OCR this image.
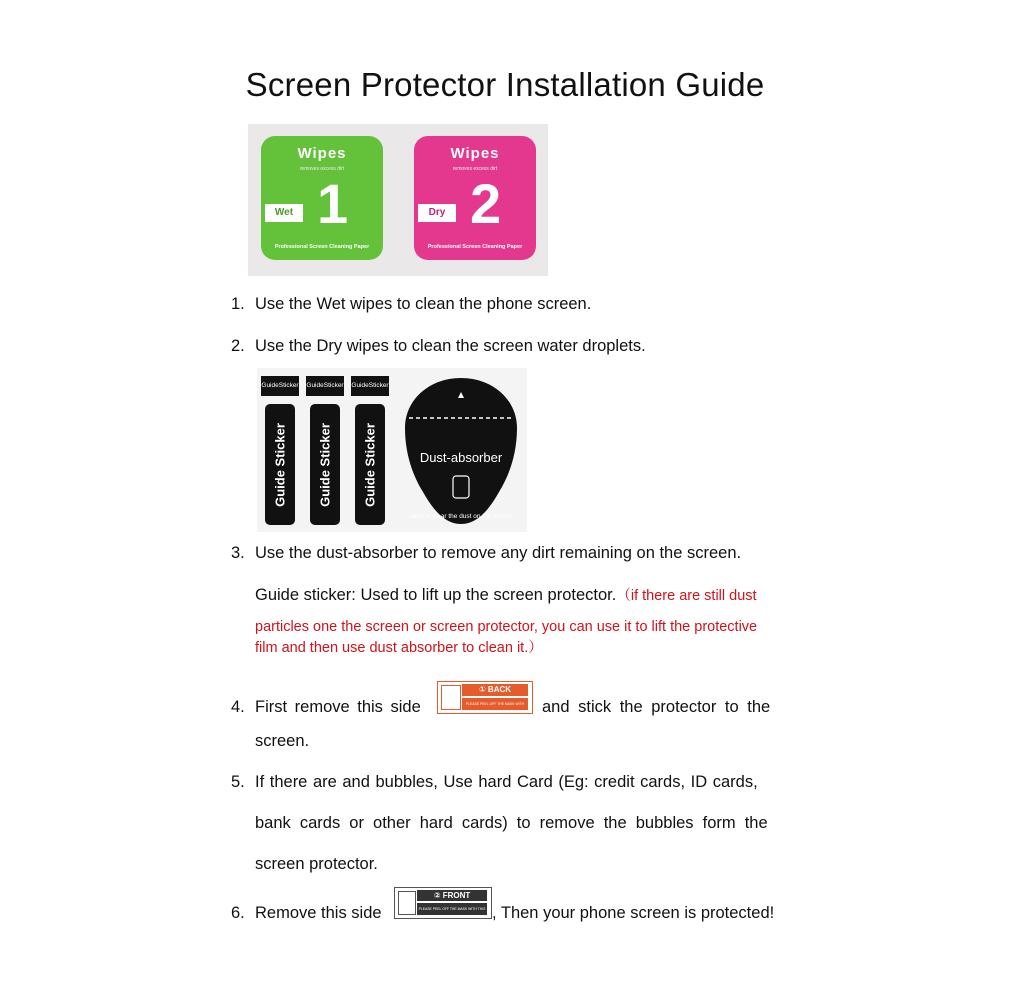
Screen Protector Installation Guide
Wipes
removes excess dirt
Wet 1
Professional Screen Cleaning Paper
Wipes
removes excess dirt
Dry 2
Professional Screen Cleaning Paper
1. Use the Wet wipes to clean the phone screen.
2. Use the Dry wipes to clean the screen water droplets.
GuideSticker GuideSticker GuideSticker
Guide Sticker Guide Sticker Guide Sticker	Dust-absorber
used to clear the dust on the screen
3. Use the dust-absorber to remove any dirt remaining on the screen.
Guide sticker: Used to lift up the screen protector.（if there are still dust
particles one the screen or screen protector, you can use it to lift the protective
film and then use dust absorber to clean it.）
4. First remove this side	and stick the protector to the
① BACK
PLEASE PEEL OFF THE MASK WITH THIS STICKER
screen.
5. If there are and bubbles, Use hard Card (Eg: credit cards, ID cards,
bank cards or other hard cards) to remove the bubbles form the
screen protector.
6. Remove this side	, Then your phone screen is protected!
② FRONT
PLEASE PEEL OFF THE MASK WITH THIS STICKER
